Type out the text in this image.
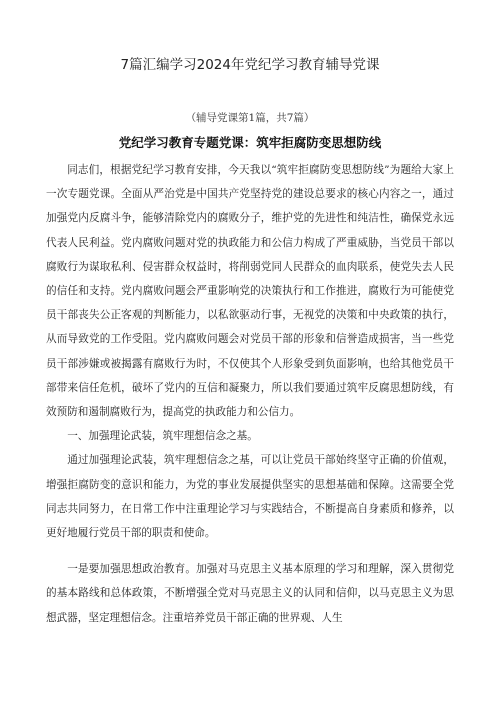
7篇汇编学习2024年党纪学习教育辅导党课
（辅导党课第1篇，共7篇）
党纪学习教育专题党课：筑牢拒腐防变思想防线

同志们，根据党纪学习教育安排，今天我以“筑牢拒腐防变思想防线”为题给大家上一次专题党课。全面从严治党是中国共产党坚持党的建设总要求的核心内容之一，通过加强党内反腐斗争，能够清除党内的腐败分子，维护党的先进性和纯洁性，确保党永远代表人民利益。党内腐败问题对党的执政能力和公信力构成了严重威胁，当党员干部以腐败行为谋取私利、侵害群众权益时，将削弱党同人民群众的血肉联系，使党失去人民的信任和支持。党内腐败问题会严重影响党的决策执行和工作推进，腐败行为可能使党员干部丧失公正客观的判断能力，以私欲驱动行事，无视党的决策和中央政策的执行，从而导致党的工作受阻。党内腐败问题会对党员干部的形象和信誉造成损害，当一些党员干部涉嫌或被揭露有腐败行为时，不仅使其个人形象受到负面影响，也给其他党员干部带来信任危机，破坏了党内的互信和凝聚力，所以我们要通过筑牢反腐思想防线，有效预防和遏制腐败行为，提高党的执政能力和公信力。

一、加强理论武装，筑牢理想信念之基。

通过加强理论武装，筑牢理想信念之基，可以让党员干部始终坚守正确的价值观，增强拒腐防变的意识和能力，为党的事业发展提供坚实的思想基础和保障。这需要全党同志共同努力，在日常工作中注重理论学习与实践结合，不断提高自身素质和修养，以更好地履行党员干部的职责和使命。

一是要加强思想政治教育。加强对马克思主义基本原理的学习和理解，深入贯彻党的基本路线和总体政策，不断增强全党对马克思主义的认同和信仰，以马克思主义为思想武器，坚定理想信念。注重培养党员干部正确的世界观、人生
